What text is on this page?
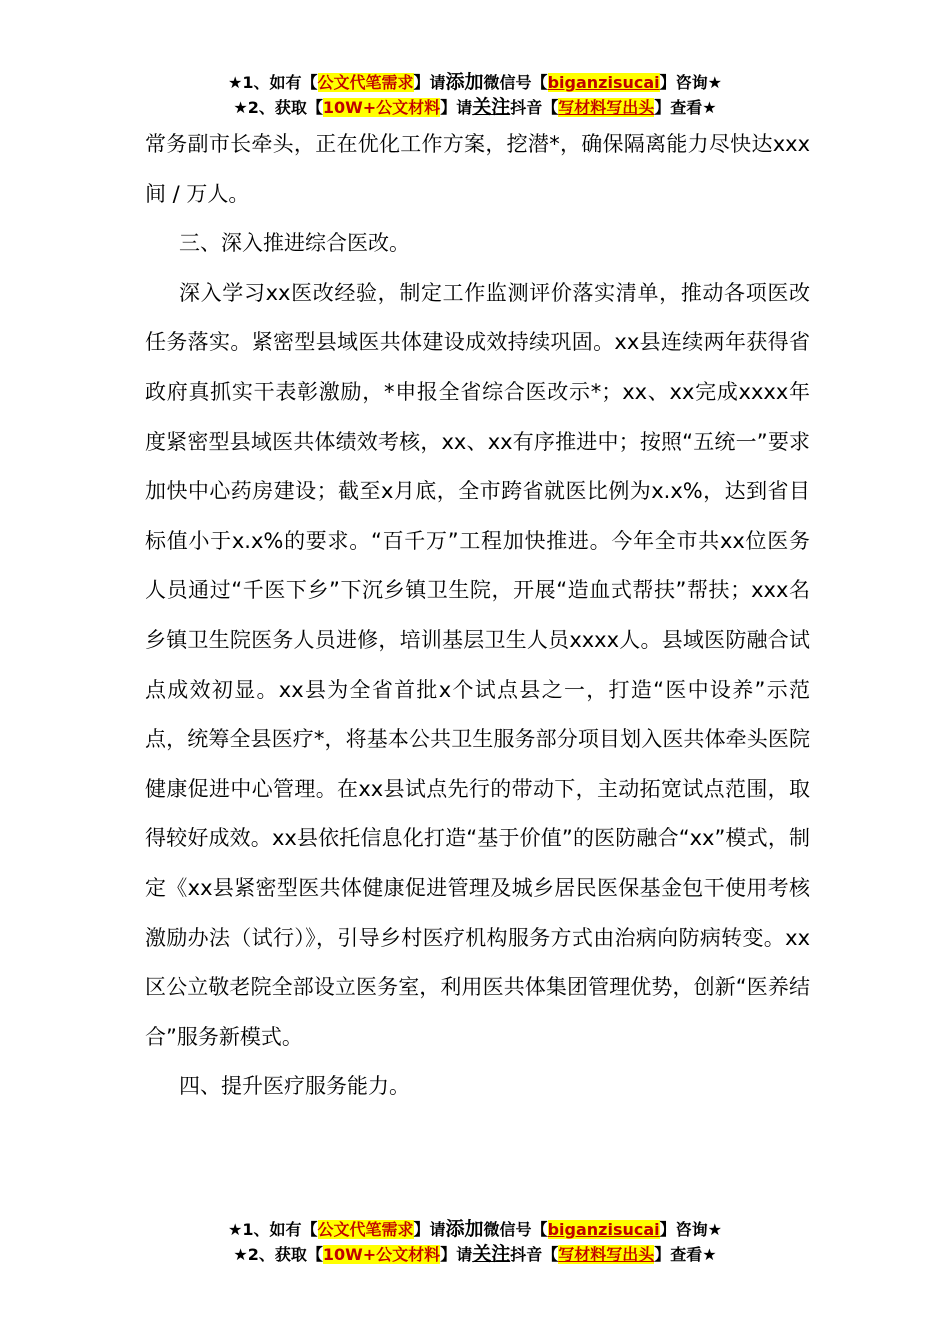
★1、如有【公文代笔需求】请添加微信号【biganzisucai】咨询★
★2、获取【10W+公文材料】请关注抖音【写材料写出头】查看★

常务副市长牵头，正在优化工作方案，挖潜*，确保隔离能力尽快达xxx间 / 万人。

三、深入推进综合医改。

深入学习xx医改经验，制定工作监测评价落实清单，推动各项医改任务落实。紧密型县域医共体建设成效持续巩固。xx县连续两年获得省政府真抓实干表彰激励，*申报全省综合医改示*；xx、xx完成xxxx年度紧密型县域医共体绩效考核，xx、xx有序推进中；按照“五统一”要求加快中心药房建设；截至x月底，全市跨省就医比例为x.x%，达到省目标值小于x.x%的要求。“百千万”工程加快推进。今年全市共xx位医务人员通过“千医下乡”下沉乡镇卫生院，开展“造血式帮扶”帮扶；xxx名乡镇卫生院医务人员进修，培训基层卫生人员xxxx人。县域医防融合试点成效初显。xx县为全省首批x个试点县之一，打造“医中设养”示范点，统筹全县医疗*，将基本公共卫生服务部分项目划入医共体牵头医院健康促进中心管理。在xx县试点先行的带动下，主动拓宽试点范围，取得较好成效。xx县依托信息化打造“基于价值”的医防融合“xx”模式，制定《xx县紧密型医共体健康促进管理及城乡居民医保基金包干使用考核激励办法（试行）》，引导乡村医疗机构服务方式由治病向防病转变。xx区公立敬老院全部设立医务室，利用医共体集团管理优势，创新“医养结合”服务新模式。

四、提升医疗服务能力。

★1、如有【公文代笔需求】请添加微信号【biganzisucai】咨询★
★2、获取【10W+公文材料】请关注抖音【写材料写出头】查看★
